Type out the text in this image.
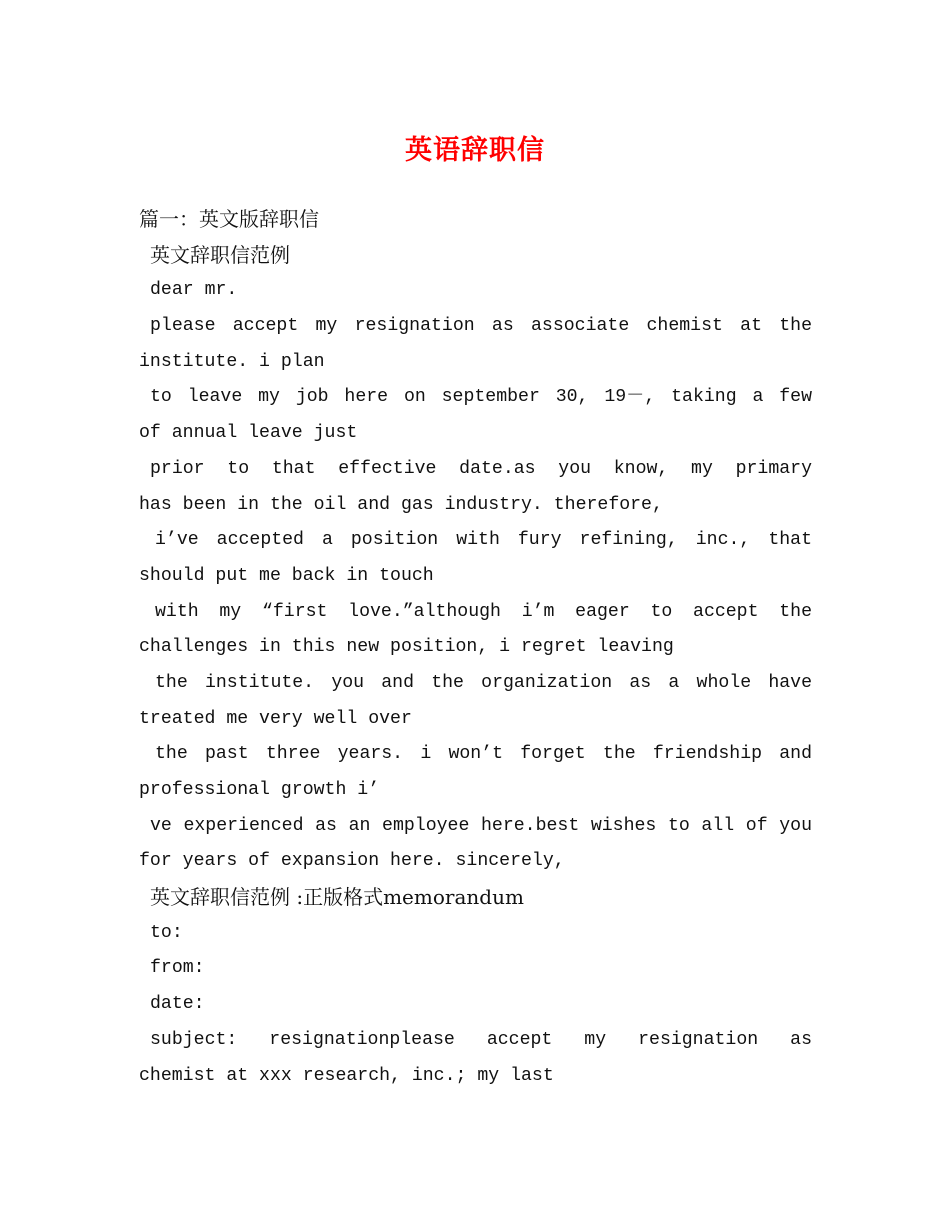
英语辞职信
篇一：英文版辞职信
英文辞职信范例
dear mr.
please accept my resignation as associate chemist at the
institute. i plan
to leave my job here on september 30, 19－, taking a few
of annual leave just
prior to that effective date.as you know, my primary
has been in the oil and gas industry. therefore,
i’ve accepted a position with fury refining, inc., that
should put me back in touch
with my “first love.”although i’m eager to accept the
challenges in this new position, i regret leaving
the institute. you and the organization as a whole have
treated me very well over
the past three years. i won’t forget the friendship and
professional growth i’
ve experienced as an employee here.best wishes to all of you
for years of expansion here. sincerely,
英文辞职信范例 :正版格式memorandum
to:
from:
date:
subject: resignationplease accept my resignation as
chemist at xxx research, inc.; my last
